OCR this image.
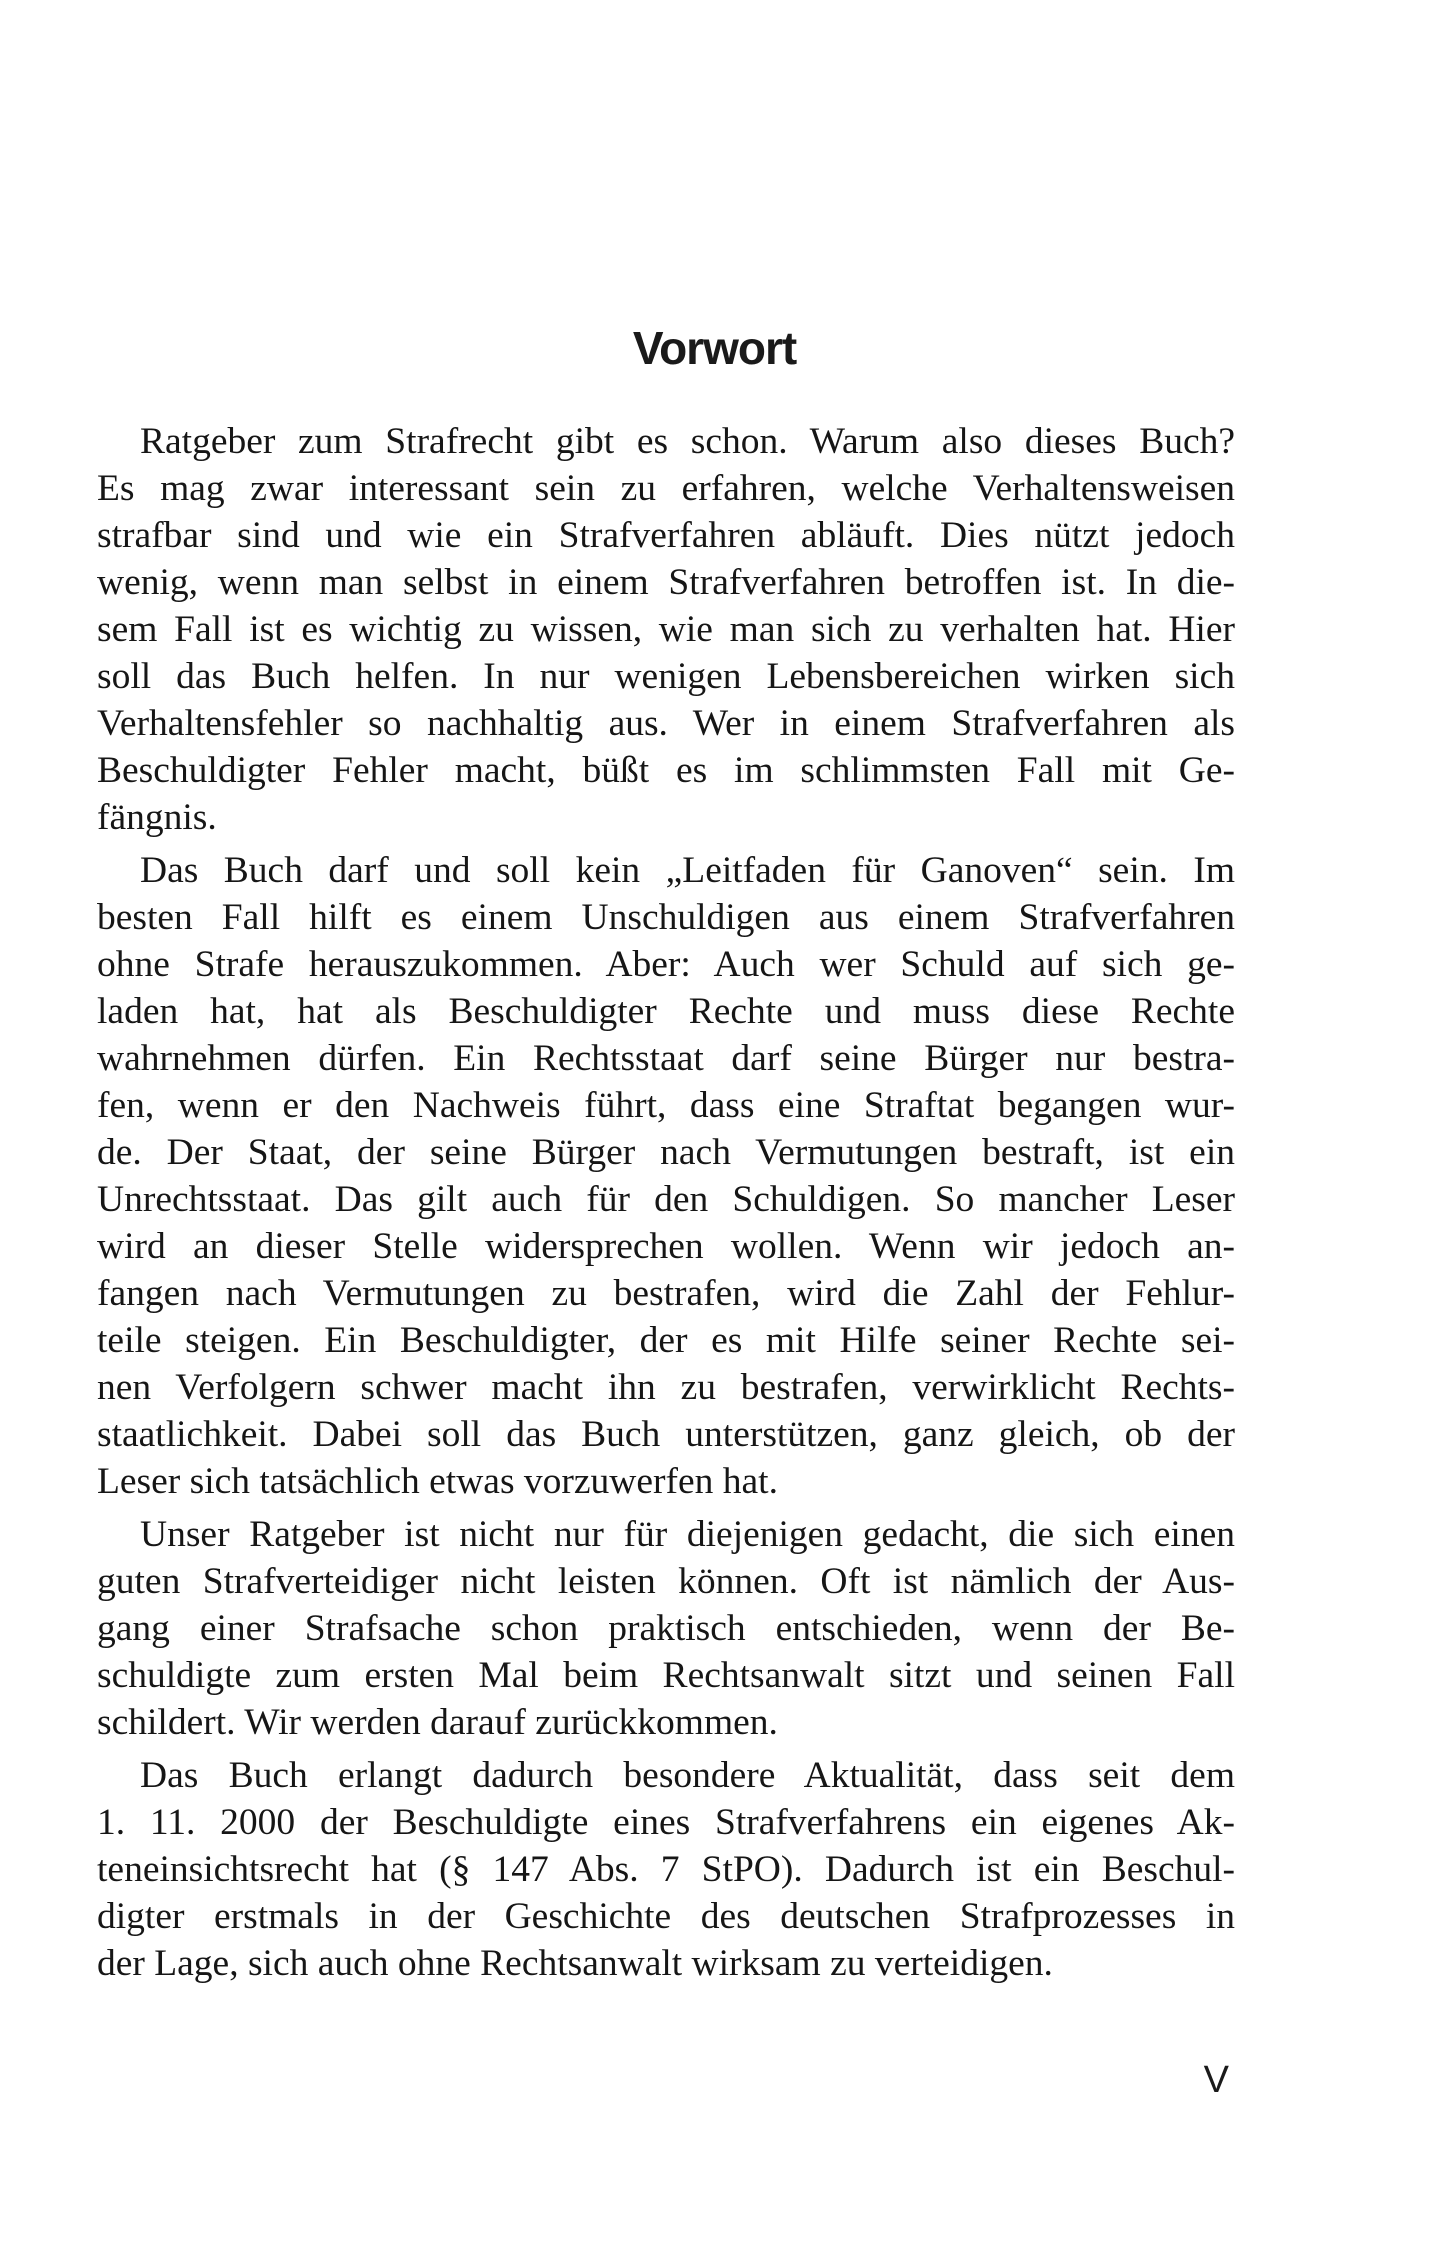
Vorwort
Ratgeber zum Strafrecht gibt es schon. Warum also dieses Buch?
Es mag zwar interessant sein zu erfahren, welche Verhaltensweisen
strafbar sind und wie ein Strafverfahren abläuft. Dies nützt jedoch
wenig, wenn man selbst in einem Strafverfahren betroffen ist. In die-
sem Fall ist es wichtig zu wissen, wie man sich zu verhalten hat. Hier
soll das Buch helfen. In nur wenigen Lebensbereichen wirken sich
Verhaltensfehler so nachhaltig aus. Wer in einem Strafverfahren als
Beschuldigter Fehler macht, büßt es im schlimmsten Fall mit Ge-
fängnis.
Das Buch darf und soll kein „Leitfaden für Ganoven“ sein. Im
besten Fall hilft es einem Unschuldigen aus einem Strafverfahren
ohne Strafe herauszukommen. Aber: Auch wer Schuld auf sich ge-
laden hat, hat als Beschuldigter Rechte und muss diese Rechte
wahrnehmen dürfen. Ein Rechtsstaat darf seine Bürger nur bestra-
fen, wenn er den Nachweis führt, dass eine Straftat begangen wur-
de. Der Staat, der seine Bürger nach Vermutungen bestraft, ist ein
Unrechtsstaat. Das gilt auch für den Schuldigen. So mancher Leser
wird an dieser Stelle widersprechen wollen. Wenn wir jedoch an-
fangen nach Vermutungen zu bestrafen, wird die Zahl der Fehlur-
teile steigen. Ein Beschuldigter, der es mit Hilfe seiner Rechte sei-
nen Verfolgern schwer macht ihn zu bestrafen, verwirklicht Rechts-
staatlichkeit. Dabei soll das Buch unterstützen, ganz gleich, ob der
Leser sich tatsächlich etwas vorzuwerfen hat.
Unser Ratgeber ist nicht nur für diejenigen gedacht, die sich einen
guten Strafverteidiger nicht leisten können. Oft ist nämlich der Aus-
gang einer Strafsache schon praktisch entschieden, wenn der Be-
schuldigte zum ersten Mal beim Rechtsanwalt sitzt und seinen Fall
schildert. Wir werden darauf zurückkommen.
Das Buch erlangt dadurch besondere Aktualität, dass seit dem
1. 11. 2000 der Beschuldigte eines Strafverfahrens ein eigenes Ak-
teneinsichtsrecht hat (§ 147 Abs. 7 StPO). Dadurch ist ein Beschul-
digter erstmals in der Geschichte des deutschen Strafprozesses in
der Lage, sich auch ohne Rechtsanwalt wirksam zu verteidigen.
V
